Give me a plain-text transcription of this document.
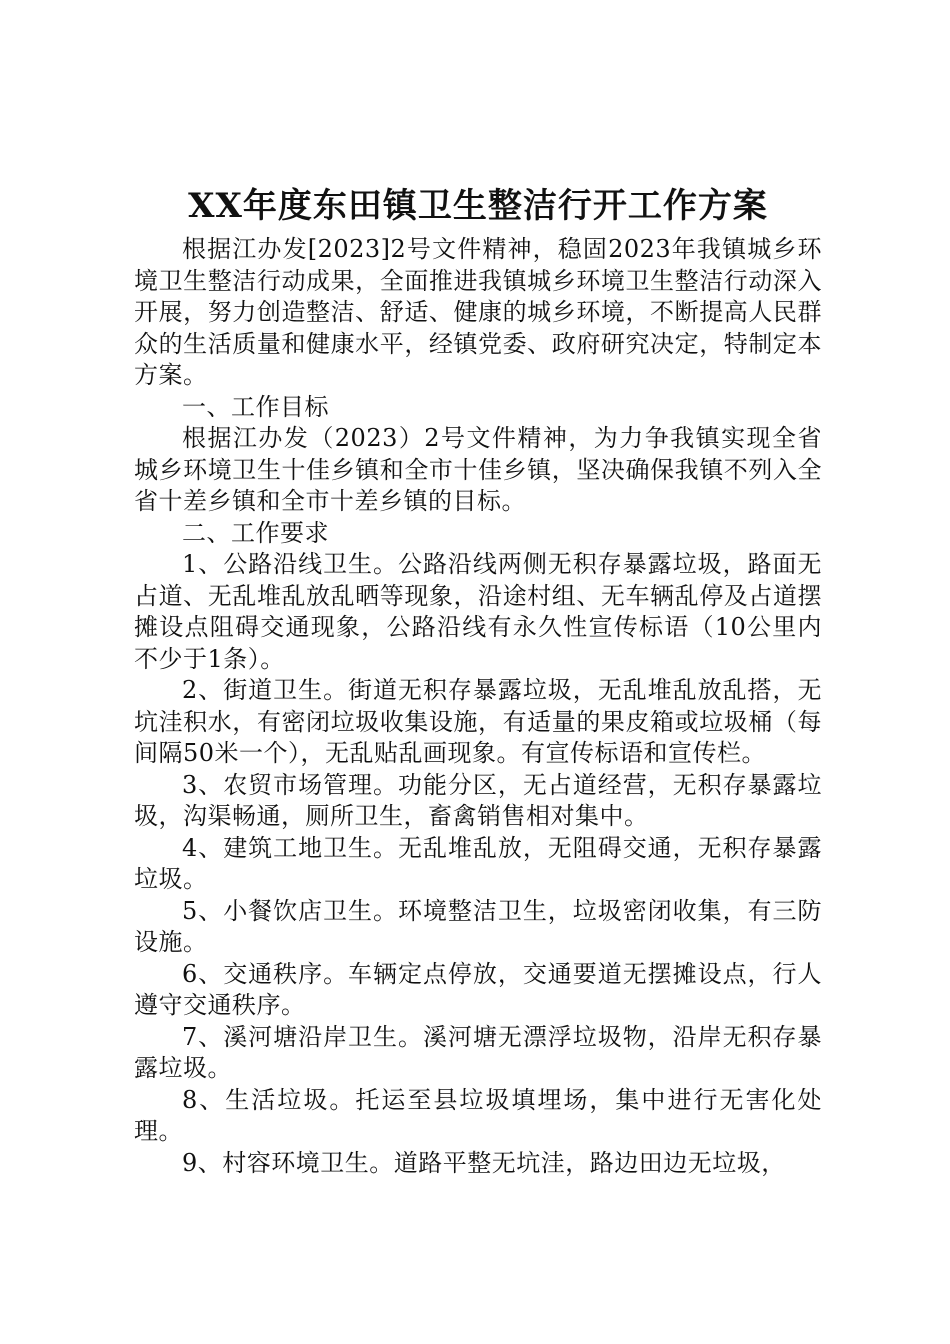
XX年度东田镇卫生整洁行开工作方案

根据江办发[2023]2号文件精神，稳固2023年我镇城乡环境卫生整洁行动成果，全面推进我镇城乡环境卫生整洁行动深入开展，努力创造整洁、舒适、健康的城乡环境，不断提高人民群众的生活质量和健康水平，经镇党委、政府研究决定，特制定本方案。

一、工作目标

根据江办发（2023）2号文件精神，为力争我镇实现全省城乡环境卫生十佳乡镇和全市十佳乡镇，坚决确保我镇不列入全省十差乡镇和全市十差乡镇的目标。

二、工作要求

1、公路沿线卫生。公路沿线两侧无积存暴露垃圾，路面无占道、无乱堆乱放乱晒等现象，沿途村组、无车辆乱停及占道摆摊设点阻碍交通现象，公路沿线有永久性宣传标语（10公里内不少于1条）。

2、街道卫生。街道无积存暴露垃圾，无乱堆乱放乱搭，无坑洼积水，有密闭垃圾收集设施，有适量的果皮箱或垃圾桶（每间隔50米一个），无乱贴乱画现象。有宣传标语和宣传栏。

3、农贸市场管理。功能分区，无占道经营，无积存暴露垃圾，沟渠畅通，厕所卫生，畜禽销售相对集中。

4、建筑工地卫生。无乱堆乱放，无阻碍交通，无积存暴露垃圾。

5、小餐饮店卫生。环境整洁卫生，垃圾密闭收集，有三防设施。

6、交通秩序。车辆定点停放，交通要道无摆摊设点，行人遵守交通秩序。

7、溪河塘沿岸卫生。溪河塘无漂浮垃圾物，沿岸无积存暴露垃圾。

8、生活垃圾。托运至县垃圾填埋场，集中进行无害化处理。

9、村容环境卫生。道路平整无坑洼，路边田边无垃圾，
